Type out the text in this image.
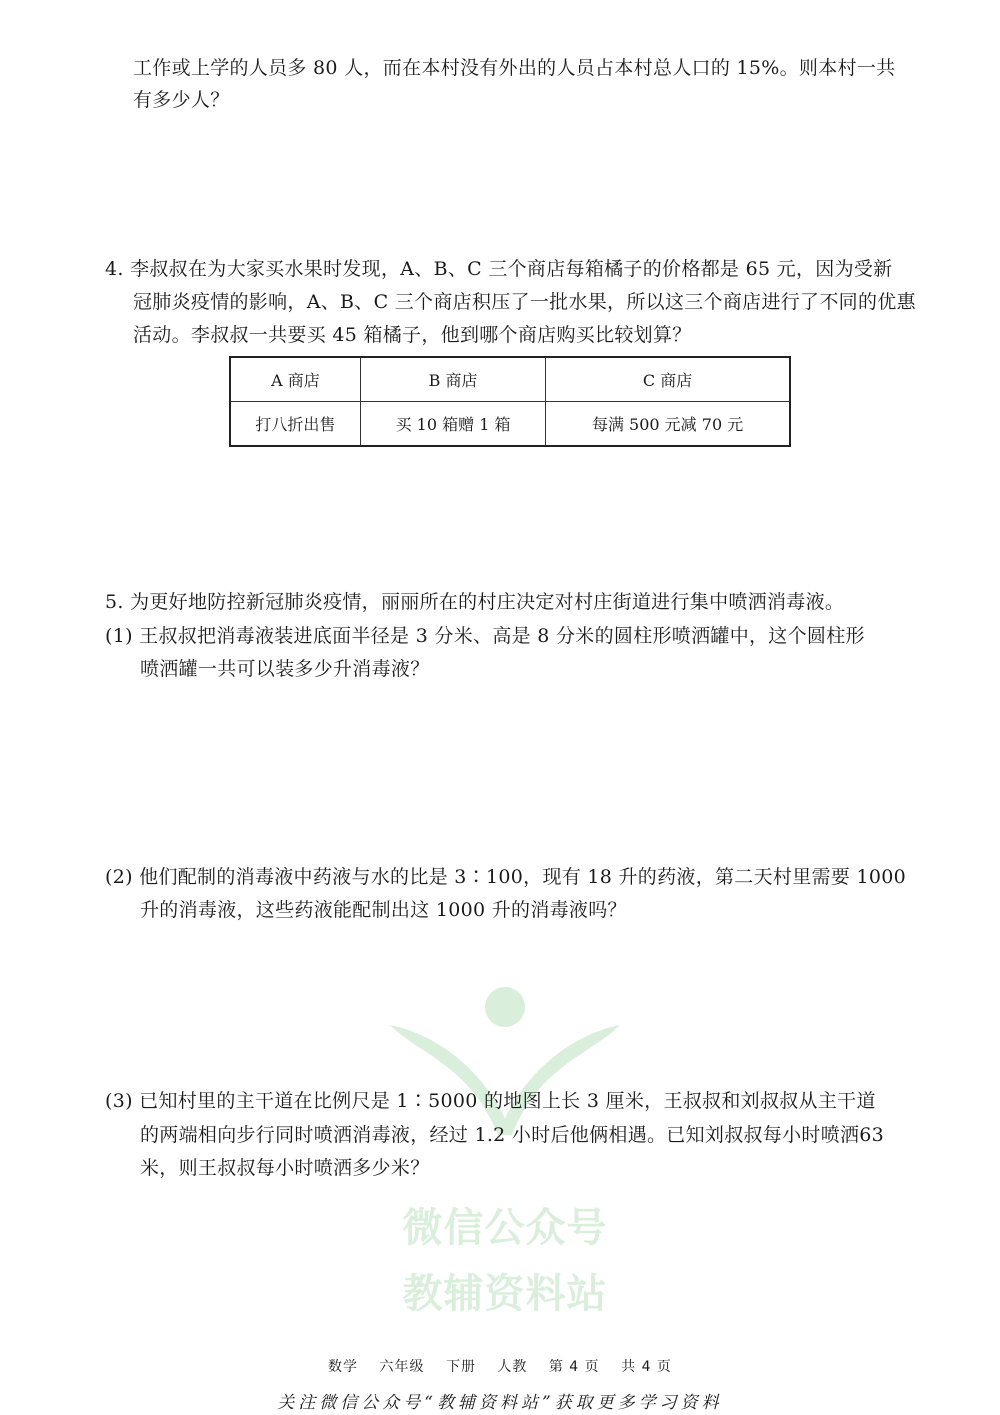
微信公众号
教辅资料站
工作或上学的人员多 80 人，而在本村没有外出的人员占本村总人口的 15%。则本村一共
有多少人？
4. 李叔叔在为大家买水果时发现，A、B、C 三个商店每箱橘子的价格都是 65 元，因为受新
冠肺炎疫情的影响，A、B、C 三个商店积压了一批水果，所以这三个商店进行了不同的优惠
活动。李叔叔一共要买 45 箱橘子，他到哪个商店购买比较划算？
A 商店	B 商店	C 商店
打八折出售	买 10 箱赠 1 箱	每满 500 元减 70 元
5. 为更好地防控新冠肺炎疫情，丽丽所在的村庄决定对村庄街道进行集中喷洒消毒液。
(1) 王叔叔把消毒液装进底面半径是 3 分米、高是 8 分米的圆柱形喷洒罐中，这个圆柱形
喷洒罐一共可以装多少升消毒液？
(2) 他们配制的消毒液中药液与水的比是 3∶100，现有 18 升的药液，第二天村里需要 1000
升的消毒液，这些药液能配制出这 1000 升的消毒液吗？
(3) 已知村里的主干道在比例尺是 1∶5000 的地图上长 3 厘米，王叔叔和刘叔叔从主干道
的两端相向步行同时喷洒消毒液，经过 1.2 小时后他俩相遇。已知刘叔叔每小时喷洒63
米，则王叔叔每小时喷洒多少米？
数学 六年级 下册 人教 第 4 页 共 4 页
关注微信公众号“教辅资料站”获取更多学习资料
